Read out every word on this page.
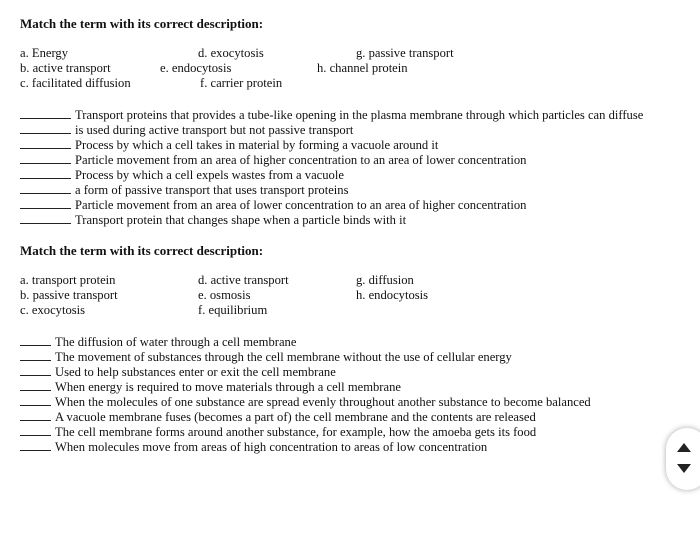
Match the term with its correct description:
a. Energy
b. active transport
c. facilitated diffusion
d. exocytosis
e. endocytosis
f. carrier protein
g. passive transport
h. channel protein
Transport proteins that provides a tube-like opening in the plasma membrane through which particles can diffuse
is used during active transport but not passive transport
Process by which a cell takes in material by forming a vacuole around it
Particle movement from an area of higher concentration to an area of lower concentration
Process by which a cell expels wastes from a vacuole
a form of passive transport that uses transport proteins
Particle movement from an area of lower concentration to an area of higher concentration
Transport protein that changes shape when a particle binds with it
Match the term with its correct description:
a. transport protein
b. passive transport
c. exocytosis
d. active transport
e. osmosis
f. equilibrium
g. diffusion
h. endocytosis
The diffusion of water through a cell membrane
The movement of substances through the cell membrane without the use of cellular energy
Used to help substances enter or exit the cell membrane
When energy is required to move materials through a cell membrane
When the molecules of one substance are spread evenly throughout another substance to become balanced
A vacuole membrane fuses (becomes a part of) the cell membrane and the contents are released
The cell membrane forms around another substance, for example, how the amoeba gets its food
When molecules move from areas of high concentration to areas of low concentration
